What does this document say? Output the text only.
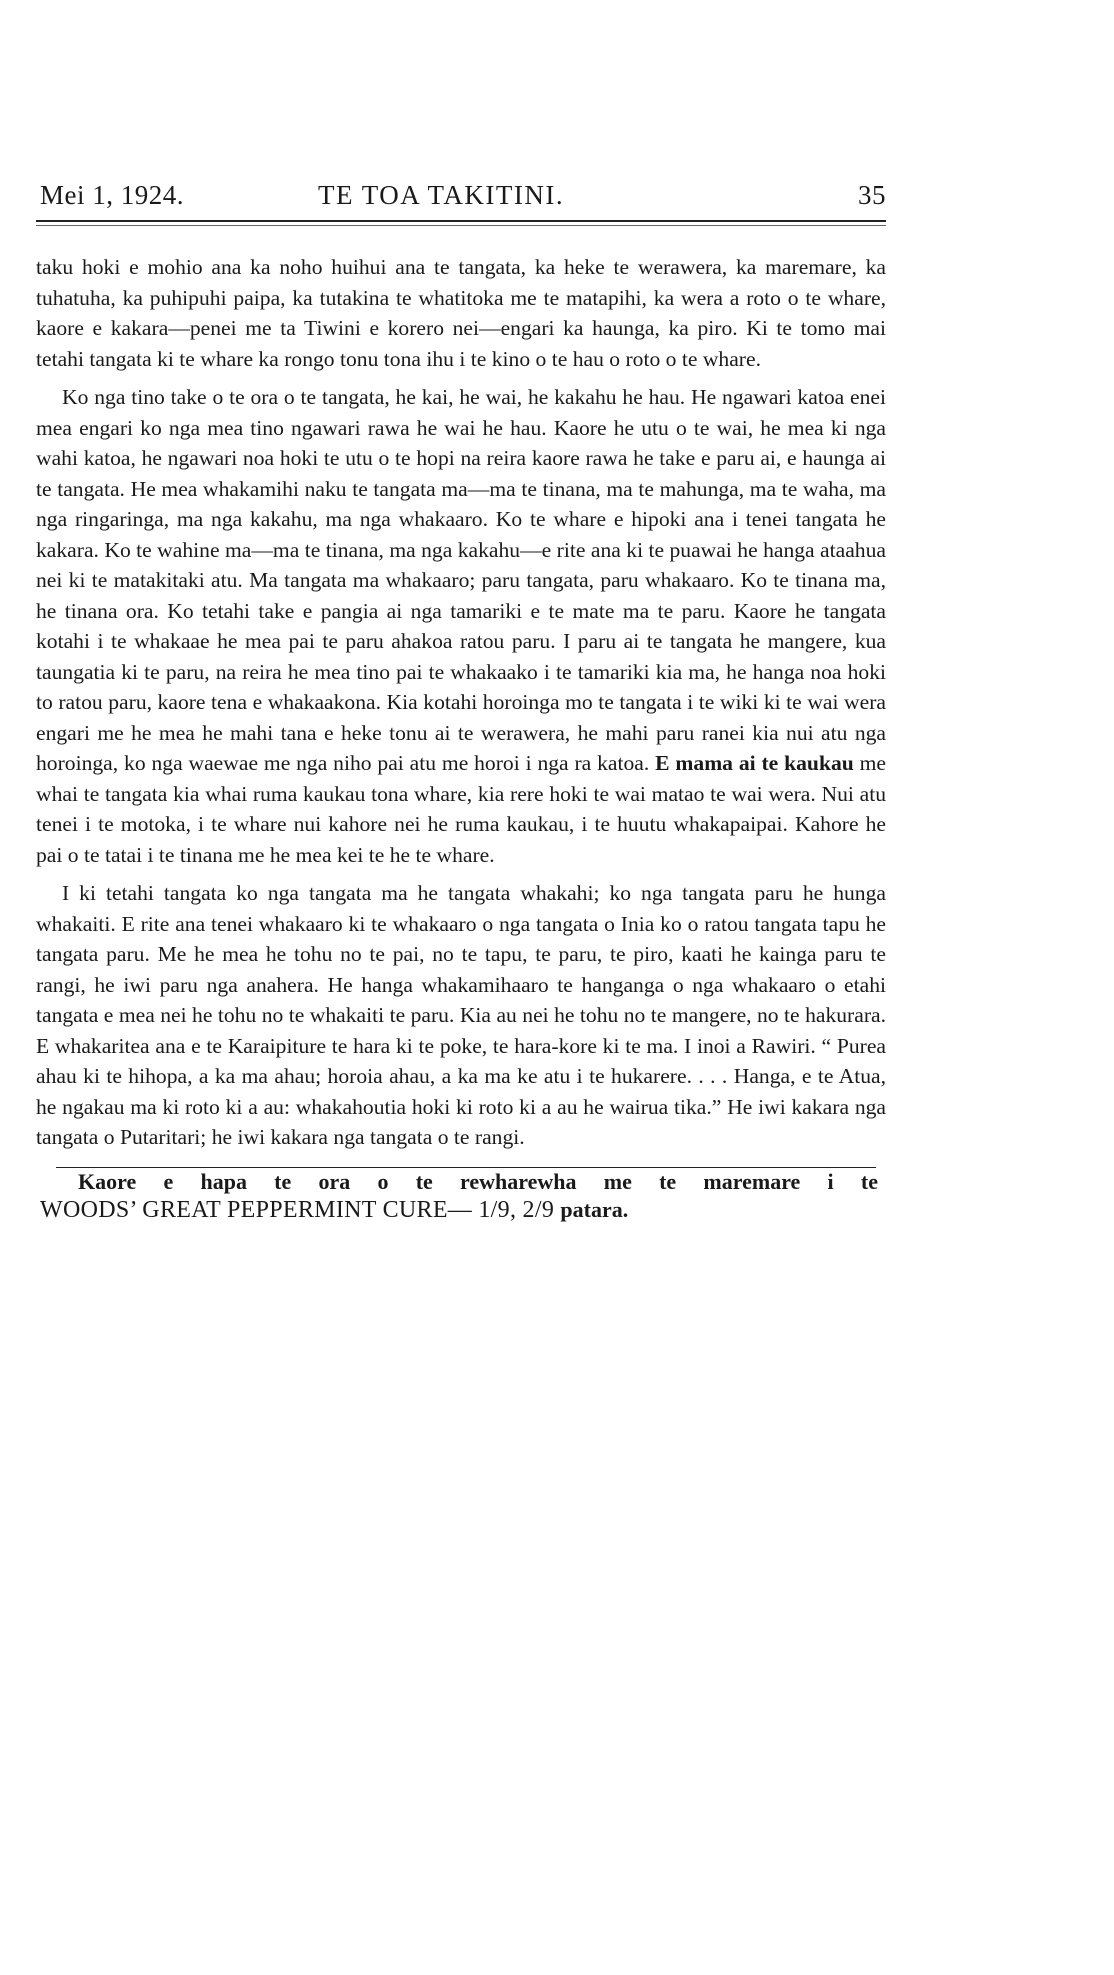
Mei 1, 1924.	TE TOA TAKITINI.	35

taku hoki e mohio ana ka noho huihui ana te tangata, ka heke te werawera, ka maremare, ka tuhatuha, ka puhipuhi paipa, ka tutakina te whatitoka me te matapihi, ka wera a roto o te whare, kaore e kakara—penei me ta Tiwini e korero nei—engari ka haunga, ka piro. Ki te tomo mai tetahi tangata ki te whare ka rongo tonu tona ihu i te kino o te hau o roto o te whare.

Ko nga tino take o te ora o te tangata, he kai, he wai, he kakahu he hau. He ngawari katoa enei mea engari ko nga mea tino ngawari rawa he wai he hau. Kaore he utu o te wai, he mea ki nga wahi katoa, he ngawari noa hoki te utu o te hopi na reira kaore rawa he take e paru ai, e haunga ai te tangata. He mea whakamihi naku te tangata ma—ma te tinana, ma te mahunga, ma te waha, ma nga ringaringa, ma nga kakahu, ma nga whakaaro. Ko te whare e hipoki ana i tenei tangata he kakara. Ko te wahine ma—ma te tinana, ma nga kakahu—e rite ana ki te puawai he hanga ataahua nei ki te matakitaki atu. Ma tangata ma whakaaro; paru tangata, paru whakaaro. Ko te tinana ma, he tinana ora. Ko tetahi take e pangia ai nga tamariki e te mate ma te paru. Kaore he tangata kotahi i te whakaae he mea pai te paru ahakoa ratou paru. I paru ai te tangata he mangere, kua taungatia ki te paru, na reira he mea tino pai te whakaako i te tamariki kia ma, he hanga noa hoki to ratou paru, kaore tena e whakaakona. Kia kotahi horoinga mo te tangata i te wiki ki te wai wera engari me he mea he mahi tana e heke tonu ai te werawera, he mahi paru ranei kia nui atu nga horoinga, ko nga waewae me nga niho pai atu me horoi i nga ra katoa. E mama ai te kaukau me whai te tangata kia whai ruma kaukau tona whare, kia rere hoki te wai matao te wai wera. Nui atu tenei i te motoka, i te whare nui kahore nei he ruma kaukau, i te huutu whakapaipai. Kahore he pai o te tatai i te tinana me he mea kei te he te whare.

I ki tetahi tangata ko nga tangata ma he tangata whakahi; ko nga tangata paru he hunga whakaiti. E rite ana tenei whakaaro ki te whakaaro o nga tangata o Inia ko o ratou tangata tapu he tangata paru. Me he mea he tohu no te pai, no te tapu, te paru, te piro, kaati he kainga paru te rangi, he iwi paru nga anahera. He hanga whakamihaaro te hanganga o nga whakaaro o etahi tangata e mea nei he tohu no te whakaiti te paru. Kia au nei he tohu no te mangere, no te hakurara. E whakaritea ana e te Karaipiture te hara ki te poke, te hara-kore ki te ma. I inoi a Rawiri. “ Purea ahau ki te hihopa, a ka ma ahau; horoia ahau, a ka ma ke atu i te hukarere. . . . Hanga, e te Atua, he ngakau ma ki roto ki a au: whakahoutia hoki ki roto ki a au he wairua tika.” He iwi kakara nga tangata o Putaritari; he iwi kakara nga tangata o te rangi.

Kaore e hapa te ora o te rewharewha me te maremare i te
WOODS’ GREAT PEPPERMINT CURE— 1/9, 2/9 patara.
